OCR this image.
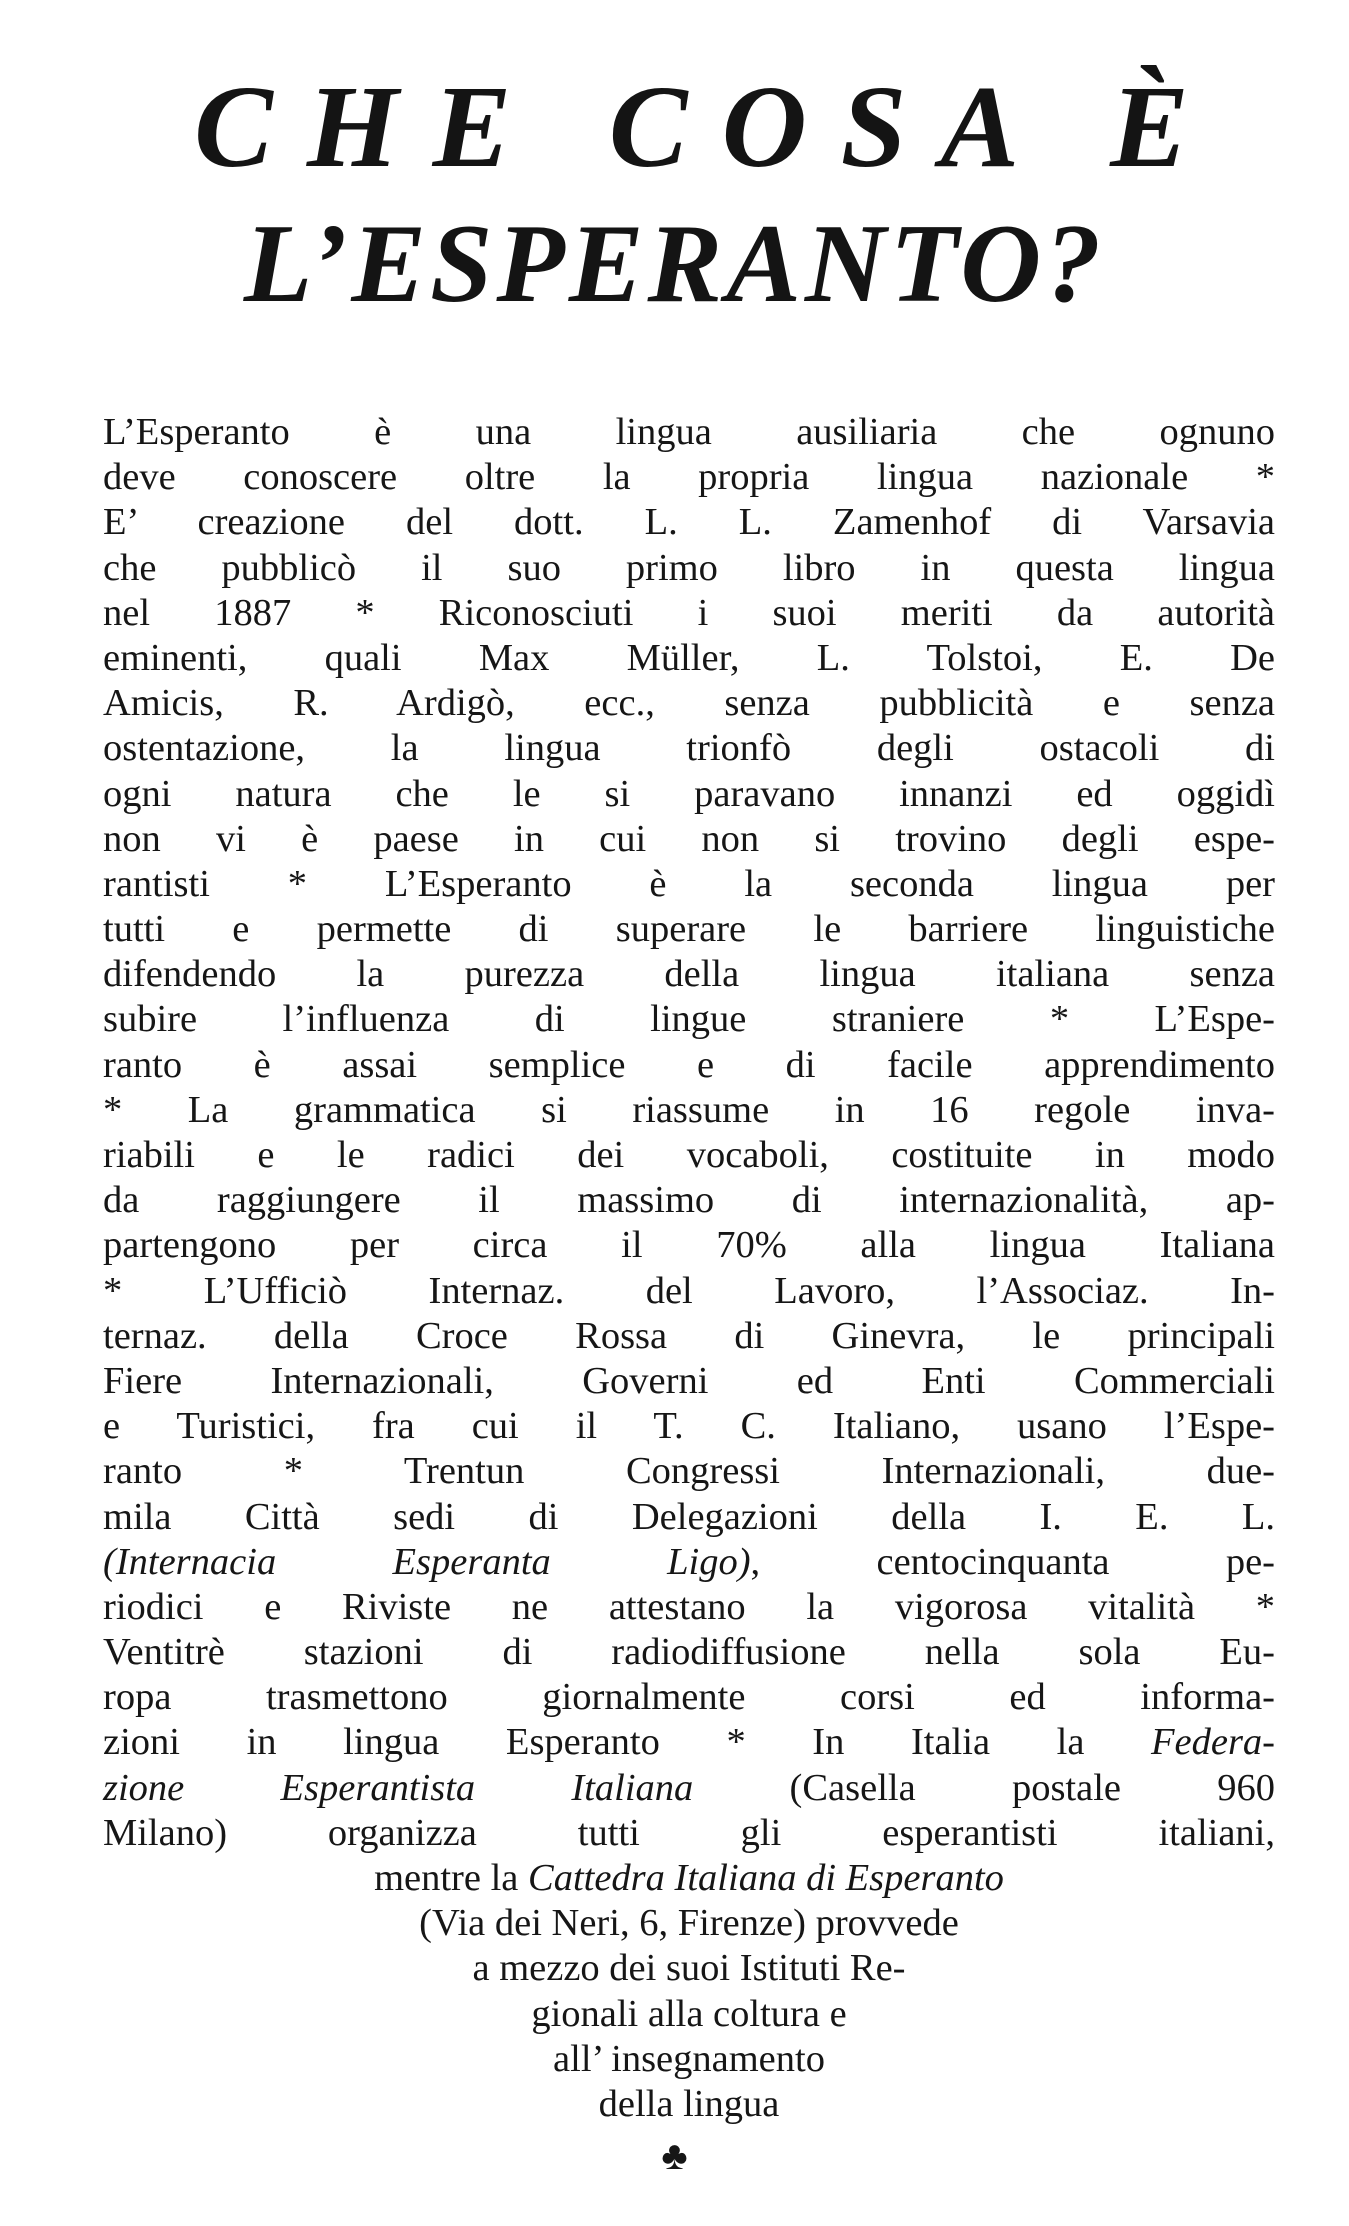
CHE COSA È
L’ESPERANTO?
L’Esperanto è una lingua ausiliaria che ognuno
deve conoscere oltre la propria lingua nazionale *
E’ creazione del dott. L. L. Zamenhof di Varsavia
che pubblicò il suo primo libro in questa lingua
nel 1887 * Riconosciuti i suoi meriti da autorità
eminenti, quali Max Müller, L. Tolstoi, E. De
Amicis, R. Ardigò, ecc., senza pubblicità e senza
ostentazione, la lingua trionfò degli ostacoli di
ogni natura che le si paravano innanzi ed oggidì
non vi è paese in cui non si trovino degli espe-
rantisti * L’Esperanto è la seconda lingua per
tutti e permette di superare le barriere linguistiche
difendendo la purezza della lingua italiana senza
subire l’influenza di lingue straniere * L’Espe-
ranto è assai semplice e di facile apprendimento
* La grammatica si riassume in 16 regole inva-
riabili e le radici dei vocaboli, costituite in modo
da raggiungere il massimo di internazionalità, ap-
partengono per circa il 70% alla lingua Italiana
* L’Ufficiò Internaz. del Lavoro, l’Associaz. In-
ternaz. della Croce Rossa di Ginevra, le principali
Fiere Internazionali, Governi ed Enti Commerciali
e Turistici, fra cui il T. C. Italiano, usano l’Espe-
ranto * Trentun Congressi Internazionali, due-
mila Città sedi di Delegazioni della I. E. L.
(Internacia Esperanta Ligo), centocinquanta pe-
riodici e Riviste ne attestano la vigorosa vitalità *
Ventitrè stazioni di radiodiffusione nella sola Eu-
ropa trasmettono giornalmente corsi ed informa-
zioni in lingua Esperanto * In Italia la Federa-
zione Esperantista Italiana (Casella postale 960
Milano) organizza tutti gli esperantisti italiani,
mentre la Cattedra Italiana di Esperanto
(Via dei Neri, 6, Firenze) provvede
a mezzo dei suoi Istituti Re-
gionali alla coltura e
all’ insegnamento
della lingua
♣
